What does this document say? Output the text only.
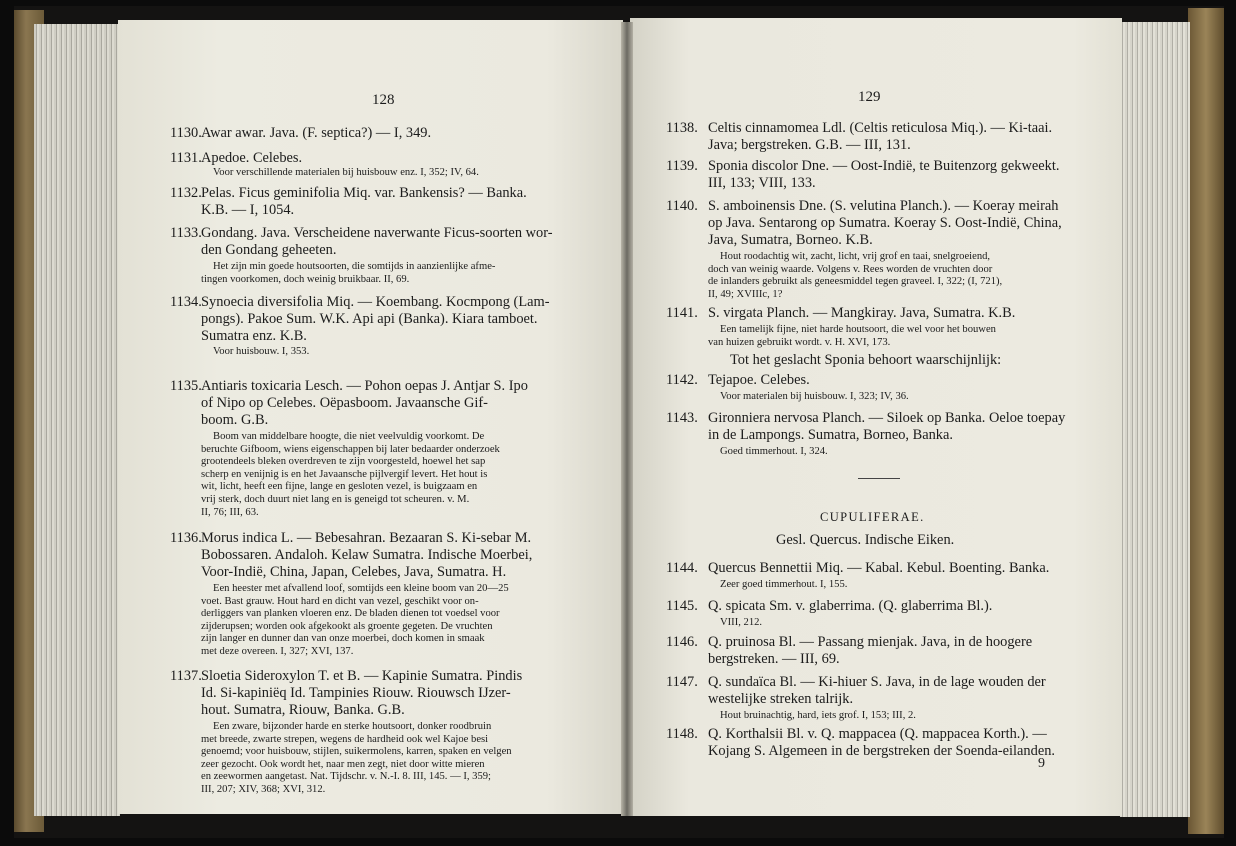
128
1130. Awar awar. Java. (F. septica?) — I, 349.
1131. Apedoe. Celebes.
Voor verschillende materialen bij huisbouw enz. I, 352; IV, 64.
1132. Pelas. Ficus geminifolia Miq. var. Bankensis? — Banka.
K.B. — I, 1054.
1133. Gondang. Java. Verscheidene naverwante Ficus-soorten wor-
den Gondang geheeten.
Het zijn min goede houtsoorten, die somtijds in aanzienlijke afme-
tingen voorkomen, doch weinig bruikbaar. II, 69.
1134. Synoecia diversifolia Miq. — Koembang. Kocmpong (Lam-
pongs). Pakoe Sum. W.K. Api api (Banka). Kiara tamboet.
Sumatra enz. K.B.
Voor huisbouw. I, 353.
1135. Antiaris toxicaria Lesch. — Pohon oepas J. Antjar S. Ipo
of Nipo op Celebes. Oëpasboom. Javaansche Gif-
boom. G.B.
Boom van middelbare hoogte, die niet veelvuldig voorkomt. De
beruchte Gifboom, wiens eigenschappen bij later bedaarder onderzoek
grootendeels bleken overdreven te zijn voorgesteld, hoewel het sap
scherp en venijnig is en het Javaansche pijlvergif levert. Het hout is
wit, licht, heeft een fijne, lange en gesloten vezel, is buigzaam en
vrij sterk, doch duurt niet lang en is geneigd tot scheuren. v. M.
II, 76; III, 63.
1136. Morus indica L. — Bebesahran. Bezaaran S. Ki-sebar M.
Bobossaren. Andaloh. Kelaw Sumatra. Indische Moerbei,
Voor-Indië, China, Japan, Celebes, Java, Sumatra. H.
Een heester met afvallend loof, somtijds een kleine boom van 20—25
voet. Bast grauw. Hout hard en dicht van vezel, geschikt voor on-
derliggers van planken vloeren enz. De bladen dienen tot voedsel voor
zijderupsen; worden ook afgekookt als groente gegeten. De vruchten
zijn langer en dunner dan van onze moerbei, doch komen in smaak
met deze overeen. I, 327; XVI, 137.
1137. Sloetia Sideroxylon T. et B. — Kapinie Sumatra. Pindis
Id. Si-kapiniëq Id. Tampinies Riouw. Riouwsch IJzer-
hout. Sumatra, Riouw, Banka. G.B.
Een zware, bijzonder harde en sterke houtsoort, donker roodbruin
met breede, zwarte strepen, wegens de hardheid ook wel Kajoe besi
genoemd; voor huisbouw, stijlen, suikermolens, karren, spaken en velgen
zeer gezocht. Ook wordt het, naar men zegt, niet door witte mieren
en zeewormen aangetast. Nat. Tijdschr. v. N.-I. 8. III, 145. — I, 359;
III, 207; XIV, 368; XVI, 312.
129
1138. Celtis cinnamomea Ldl. (Celtis reticulosa Miq.). — Ki-taai.
Java; bergstreken. G.B. — III, 131.
1139. Sponia discolor Dne. — Oost-Indië, te Buitenzorg gekweekt.
III, 133; VIII, 133.
1140. S. amboinensis Dne. (S. velutina Planch.). — Koeray meirah
op Java. Sentarong op Sumatra. Koeray S. Oost-Indië, China,
Java, Sumatra, Borneo. K.B.
Hout roodachtig wit, zacht, licht, vrij grof en taai, snelgroeiend,
doch van weinig waarde. Volgens v. Rees worden de vruchten door
de inlanders gebruikt als geneesmiddel tegen graveel. I, 322; (I, 721),
II, 49; XVIIIc, 1?
1141. S. virgata Planch. — Mangkiray. Java, Sumatra. K.B.
Een tamelijk fijne, niet harde houtsoort, die wel voor het bouwen
van huizen gebruikt wordt. v. H. XVI, 173.
Tot het geslacht Sponia behoort waarschijnlijk:
1142. Tejapoe. Celebes.
Voor materialen bij huisbouw. I, 323; IV, 36.
1143. Gironniera nervosa Planch. — Siloek op Banka. Oeloe toepay
in de Lampongs. Sumatra, Borneo, Banka.
Goed timmerhout. I, 324.
CUPULIFERAE.
Gesl. Quercus. Indische Eiken.
1144. Quercus Bennettii Miq. — Kabal. Kebul. Boenting. Banka.
Zeer goed timmerhout. I, 155.
1145. Q. spicata Sm. v. glaberrima. (Q. glaberrima Bl.).
VIII, 212.
1146. Q. pruinosa Bl. — Passang mienjak. Java, in de hoogere
bergstreken. — III, 69.
1147. Q. sundaïca Bl. — Ki-hiuer S. Java, in de lage wouden der
westelijke streken talrijk.
Hout bruinachtig, hard, iets grof. I, 153; III, 2.
1148. Q. Korthalsii Bl. v. Q. mappacea (Q. mappacea Korth.). —
Kojang S. Algemeen in de bergstreken der Soenda-eilanden.
9
